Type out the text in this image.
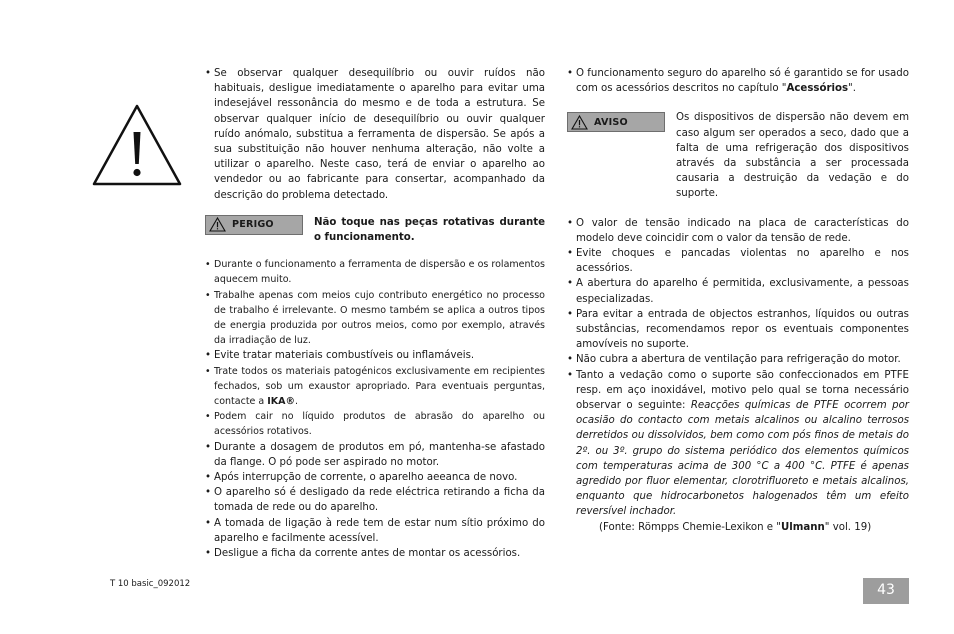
• Se observar qualquer desequilíbrio ou ouvir ruídos não habituais, desligue imediatamente o aparelho para evitar uma indesejável ressonância do mesmo e de toda a estrutura. Se observar qualquer início de desequilíbrio ou ouvir qualquer ruído anómalo, substitua a ferramenta de dispersão. Se após a sua substituição não houver nenhuma alteração, não volte a utilizar o aparelho. Neste caso, terá de enviar o aparelho ao vendedor ou ao fabricante para consertar, acompanhado da descrição do problema detectado.
PERIGO	Não toque nas peças rotativas durante o funcionamento.
• Durante o funcionamento a ferramenta de dispersão e os rolamentos aquecem muito.
• Trabalhe apenas com meios cujo contributo energético no processo de trabalho é irrelevante. O mesmo também se aplica a outros tipos de energia produzida por outros meios, como por exemplo, através da irradiação de luz.
• Evite tratar materiais combustíveis ou inflamáveis.
• Trate todos os materiais patogénicos exclusivamente em recipientes fechados, sob um exaustor apropriado. Para eventuais perguntas, contacte a IKA®.
• Podem cair no líquido produtos de abrasão do aparelho ou acessórios rotativos.
• Durante a dosagem de produtos em pó, mantenha-se afastado da flange. O pó pode ser aspirado no motor.
• Após interrupção de corrente, o aparelho aeeanca de novo.
• O aparelho só é desligado da rede eléctrica retirando a ficha da tomada de rede ou do aparelho.
• A tomada de ligação à rede tem de estar num sítio próximo do aparelho e facilmente acessível.
• Desligue a ficha da corrente antes de montar os acessórios.
• O funcionamento seguro do aparelho só é garantido se for usado com os acessórios descritos no capítulo "Acessórios".
AVISO	Os dispositivos de dispersão não devem em caso algum ser operados a seco, dado que a falta de uma refrigeração dos dispositivos através da substância a ser processada causaria a destruição da vedação e do suporte.
• O valor de tensão indicado na placa de características do modelo deve coincidir com o valor da tensão de rede.
• Evite choques e pancadas violentas no aparelho e nos acessórios.
• A abertura do aparelho é permitida, exclusivamente, a pessoas especializadas.
• Para evitar a entrada de objectos estranhos, líquidos ou outras substâncias, recomendamos repor os eventuais componentes amovíveis no suporte.
• Não cubra a abertura de ventilação para refrigeração do motor.
• Tanto a vedação como o suporte são confeccionados em PTFE resp. em aço inoxidável, motivo pelo qual se torna necessário observar o seguinte: Reacções químicas de PTFE ocorrem por ocasião do contacto com metais alcalinos ou alcalino terrosos derretidos ou dissolvidos, bem como com pós finos de metais do 2º. ou 3º. grupo do sistema periódico dos elementos químicos com temperaturas acima de 300 °C a 400 °C. PTFE é apenas agredido por fluor elementar, clorotrifluoreto e metais alcalinos, enquanto que hidrocarbonetos halogenados têm um efeito reversível inchador.
(Fonte: Römpps Chemie-Lexikon e "Ulmann" vol. 19)
T 10 basic_092012	43
